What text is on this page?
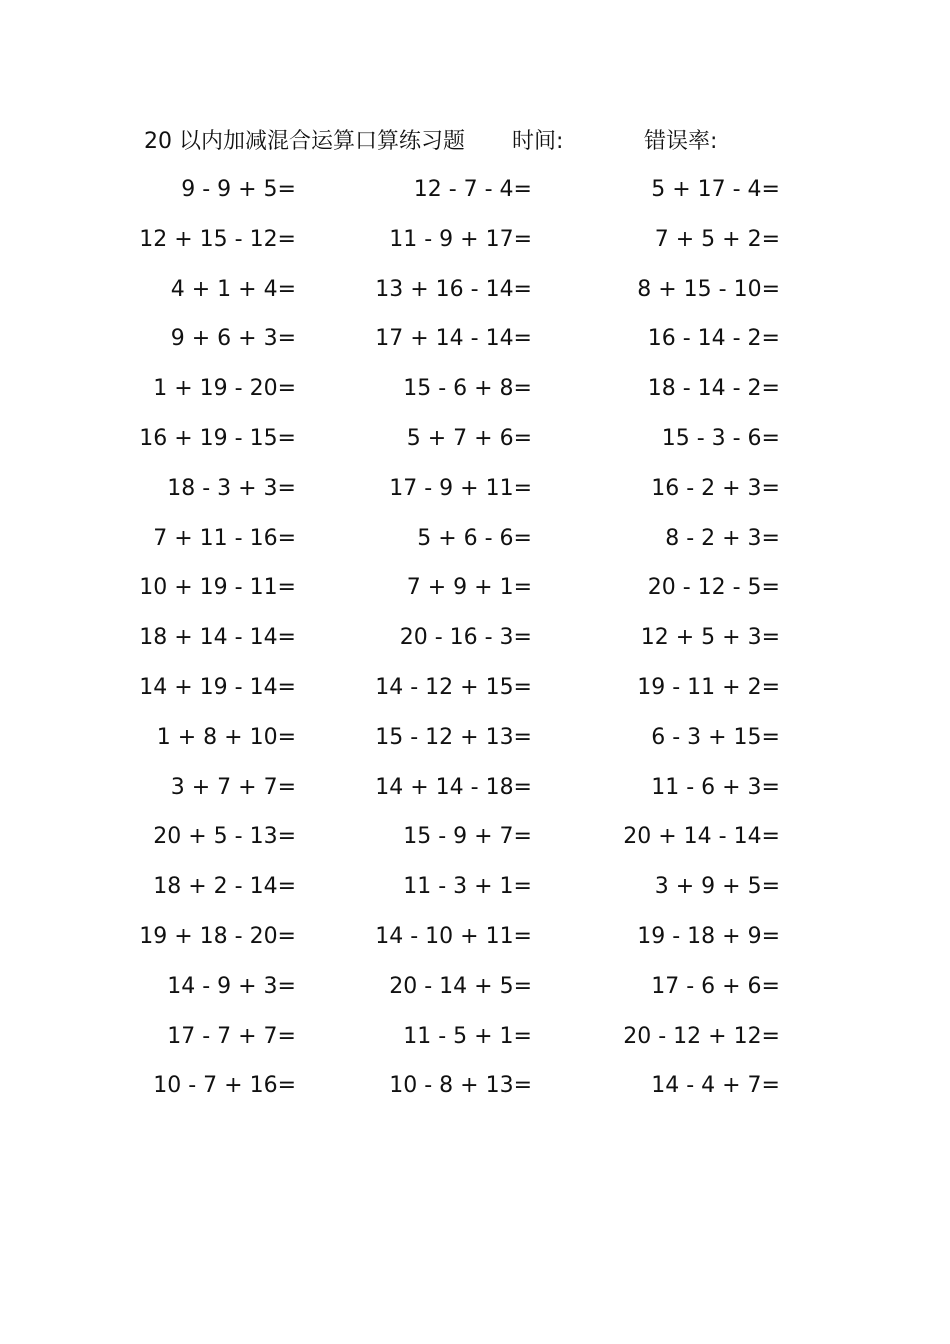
20 以内加减混合运算口算练习题 时间:	错误率:
9 - 9 + 5=	12 - 7 - 4=	5 + 17 - 4=
12 + 15 - 12=	11 - 9 + 17=	7 + 5 + 2=
4 + 1 + 4=	13 + 16 - 14=	8 + 15 - 10=
9 + 6 + 3=	17 + 14 - 14=	16 - 14 - 2=
1 + 19 - 20=	15 - 6 + 8=	18 - 14 - 2=
16 + 19 - 15=	5 + 7 + 6=	15 - 3 - 6=
18 - 3 + 3=	17 - 9 + 11=	16 - 2 + 3=
7 + 11 - 16=	5 + 6 - 6=	8 - 2 + 3=
10 + 19 - 11=	7 + 9 + 1=	20 - 12 - 5=
18 + 14 - 14=	20 - 16 - 3=	12 + 5 + 3=
14 + 19 - 14=	14 - 12 + 15=	19 - 11 + 2=
1 + 8 + 10=	15 - 12 + 13=	6 - 3 + 15=
3 + 7 + 7=	14 + 14 - 18=	11 - 6 + 3=
20 + 5 - 13=	15 - 9 + 7=	20 + 14 - 14=
18 + 2 - 14=	11 - 3 + 1=	3 + 9 + 5=
19 + 18 - 20=	14 - 10 + 11=	19 - 18 + 9=
14 - 9 + 3=	20 - 14 + 5=	17 - 6 + 6=
17 - 7 + 7=	11 - 5 + 1=	20 - 12 + 12=
10 - 7 + 16=	10 - 8 + 13=	14 - 4 + 7=
